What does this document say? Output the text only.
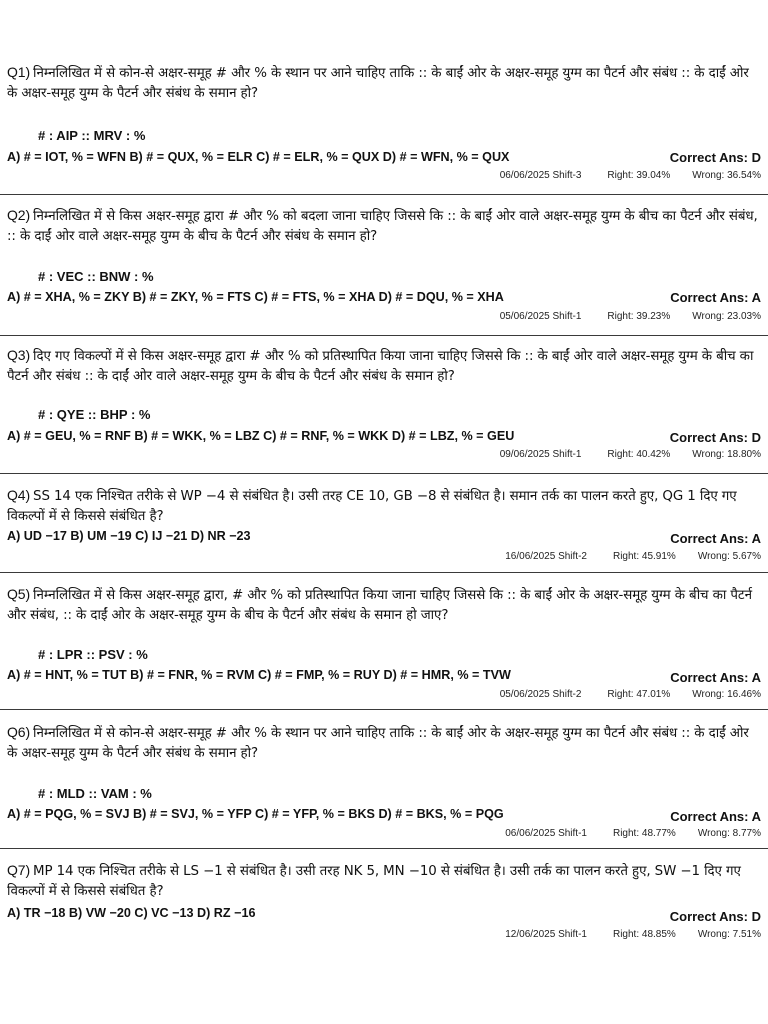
Q1) निम्नलिखित में से कोन-से अक्षर-समूह # और % के स्थान पर आने चाहिए ताकि :: के बाईं ओर के अक्षर-समूह युग्म का पैटर्न और संबंध :: के दाईं ओर के अक्षर-समूह युग्म के पैटर्न और संबंध के समान हो?
# : AIP :: MRV : %
A) # = IOT, % = WFN B) # = QUX, % = ELR C) # = ELR, % = QUX D) # = WFN, % = QUX	Correct Ans: D
06/06/2025 Shift-3	Right: 39.04% Wrong: 36.54%
Q2) निम्नलिखित में से किस अक्षर-समूह द्वारा # और % को बदला जाना चाहिए जिससे कि :: के बाईं ओर वाले अक्षर-समूह युग्म के बीच का पैटर्न और संबंध, :: के दाईं ओर वाले अक्षर-समूह युग्म के बीच के पैटर्न और संबंध के समान हो?
# : VEC :: BNW : %
A) # = XHA, % = ZKY B) # = ZKY, % = FTS C) # = FTS, % = XHA D) # = DQU, % = XHA	Correct Ans: A
05/06/2025 Shift-1	Right: 39.23% Wrong: 23.03%
Q3) दिए गए विकल्पों में से किस अक्षर-समूह द्वारा # और % को प्रतिस्थापित किया जाना चाहिए जिससे कि :: के बाईं ओर वाले अक्षर-समूह युग्म के बीच का पैटर्न और संबंध :: के दाईं ओर वाले अक्षर-समूह युग्म के बीच के पैटर्न और संबंध के समान हो?
# : QYE :: BHP : %
A) # = GEU, % = RNF B) # = WKK, % = LBZ C) # = RNF, % = WKK D) # = LBZ, % = GEU	Correct Ans: D
09/06/2025 Shift-1	Right: 40.42% Wrong: 18.80%
Q4) SS 14 एक निश्चित तरीके से WP −4 से संबंधित है। उसी तरह CE 10, GB −8 से संबंधित है। समान तर्क का पालन करते हुए, QG 1 दिए गए विकल्पों में से किससे संबंधित है?
A) UD −17 B) UM −19 C) IJ −21 D) NR −23	Correct Ans: A
16/06/2025 Shift-2	Right: 45.91% Wrong: 5.67%
Q5) निम्नलिखित में से किस अक्षर-समूह द्वारा, # और % को प्रतिस्थापित किया जाना चाहिए जिससे कि :: के बाईं ओर के अक्षर-समूह युग्म के बीच का पैटर्न और संबंध, :: के दाईं ओर के अक्षर-समूह युग्म के बीच के पैटर्न और संबंध के समान हो जाए?
# : LPR :: PSV : %
A) # = HNT, % = TUT B) # = FNR, % = RVM C) # = FMP, % = RUY D) # = HMR, % = TVW	Correct Ans: A
05/06/2025 Shift-2	Right: 47.01% Wrong: 16.46%
Q6) निम्नलिखित में से कोन-से अक्षर-समूह # और % के स्थान पर आने चाहिए ताकि :: के बाईं ओर के अक्षर-समूह युग्म का पैटर्न और संबंध :: के दाईं ओर के अक्षर-समूह युग्म के पैटर्न और संबंध के समान हो?
# : MLD :: VAM : %
A) # = PQG, % = SVJ B) # = SVJ, % = YFP C) # = YFP, % = BKS D) # = BKS, % = PQG	Correct Ans: A
06/06/2025 Shift-1	Right: 48.77% Wrong: 8.77%
Q7) MP 14 एक निश्चित तरीके से LS −1 से संबंधित है। उसी तरह NK 5, MN −10 से संबंधित है। उसी तर्क का पालन करते हुए, SW −1 दिए गए विकल्पों में से किससे संबंधित है?
A) TR −18 B) VW −20 C) VC −13 D) RZ −16	Correct Ans: D
12/06/2025 Shift-1	Right: 48.85% Wrong: 7.51%
